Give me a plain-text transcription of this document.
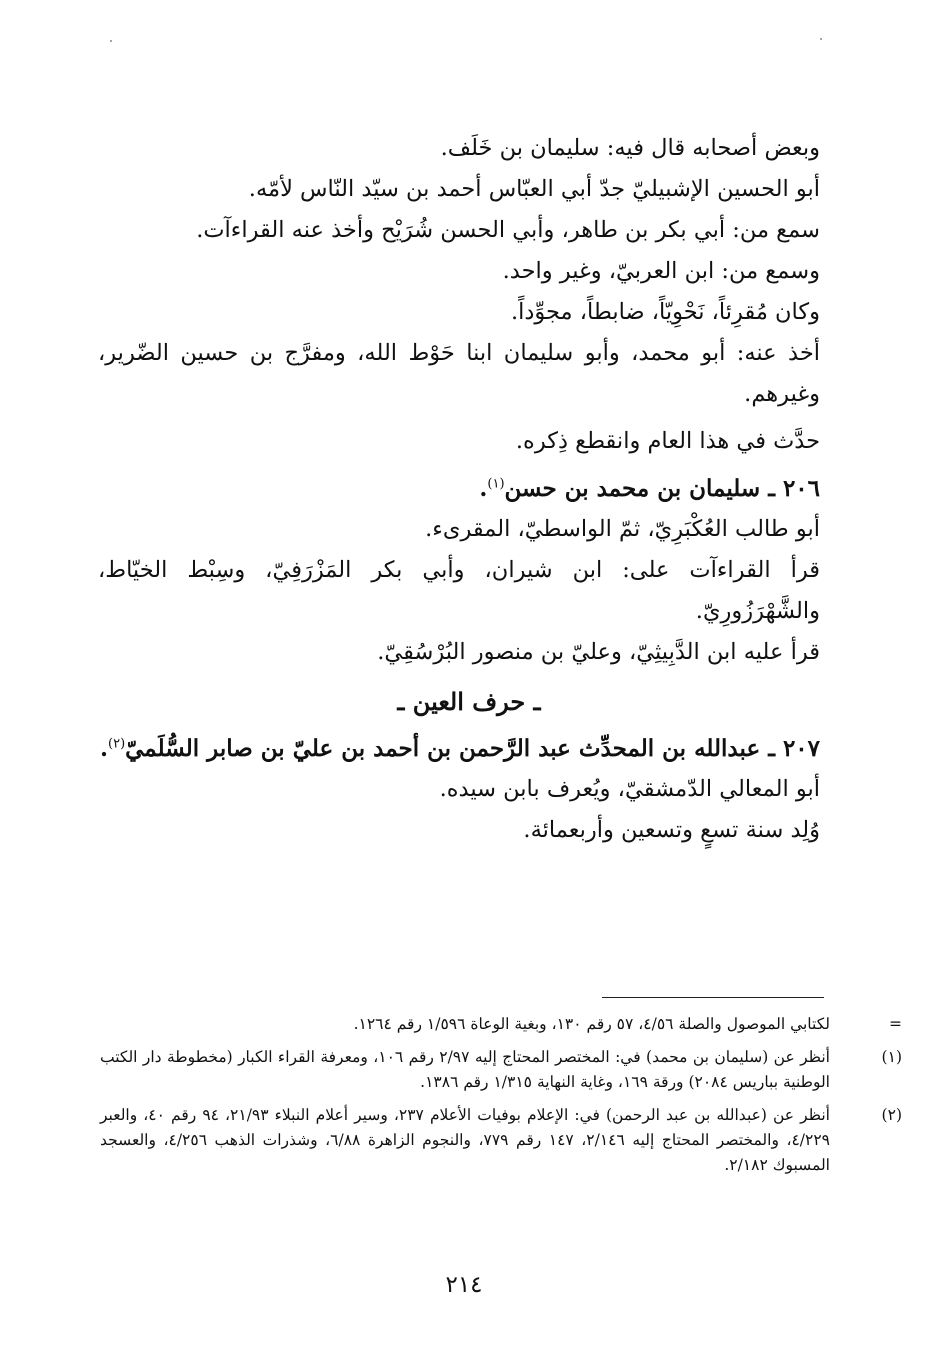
وبعض أصحابه قال فيه: سليمان بن خَلَف.

أبو الحسين الإشبيليّ جدّ أبي العبّاس أحمد بن سيّد النّاس لأمّه.

سمع من: أبي بكر بن طاهر، وأبي الحسن شُرَيْح وأخذ عنه القراءآت.

وسمع من: ابن العربيّ، وغير واحد.

وكان مُقرِئاً، نَحْوِيّاً، ضابطاً، مجوِّداً.

أخذ عنه: أبو محمد، وأبو سليمان ابنا حَوْط الله، ومفرَّج بن حسين الضّرير، وغيرهم.

حدَّث في هذا العام وانقطع ذِكره.

٢٠٦ ـ سليمان بن محمد بن حسن$^{(١)}$.

أبو طالب العُكْبَرِيّ، ثمّ الواسطيّ، المقرىء.

قرأ القراءآت على: ابن شيران، وأبي بكر المَزْرَفِيّ، وسِبْط الخيّاط، والشَّهْرَزُورِيّ.

قرأ عليه ابن الدَّبِيثِيّ، وعليّ بن منصور البُرْسُقِيّ.

ـ حرف العين ـ

٢٠٧ ـ عبدالله بن المحدِّث عبد الرَّحمن بن أحمد بن عليّ بن صابر السُّلَميّ$^{(٢)}$.

أبو المعالي الدّمشقيّ، ويُعرف بابن سيده.

وُلِد سنة تسعٍ وتسعين وأربعمائة.

=
لكتابي الموصول والصلة ٤/٥٦، ٥٧ رقم ١٣٠، وبغية الوعاة ١/٥٩٦ رقم ١٢٦٤.
(١)
أنظر عن (سليمان بن محمد) في: المختصر المحتاج إليه ٢/٩٧ رقم ١٠٦، ومعرفة القراء الكبار (مخطوطة دار الكتب الوطنية بباريس ٢٠٨٤) ورقة ١٦٩، وغاية النهاية ١/٣١٥ رقم ١٣٨٦.
(٢)
أنظر عن (عبدالله بن عبد الرحمن) في: الإعلام بوفيات الأعلام ٢٣٧، وسير أعلام النبلاء ٢١/٩٣، ٩٤ رقم ٤٠، والعبر ٤/٢٢٩، والمختصر المحتاج إليه ٢/١٤٦، ١٤٧ رقم ٧٧٩، والنجوم الزاهرة ٦/٨٨، وشذرات الذهب ٤/٢٥٦، والعسجد المسبوك ٢/١٨٢.
٢١٤
